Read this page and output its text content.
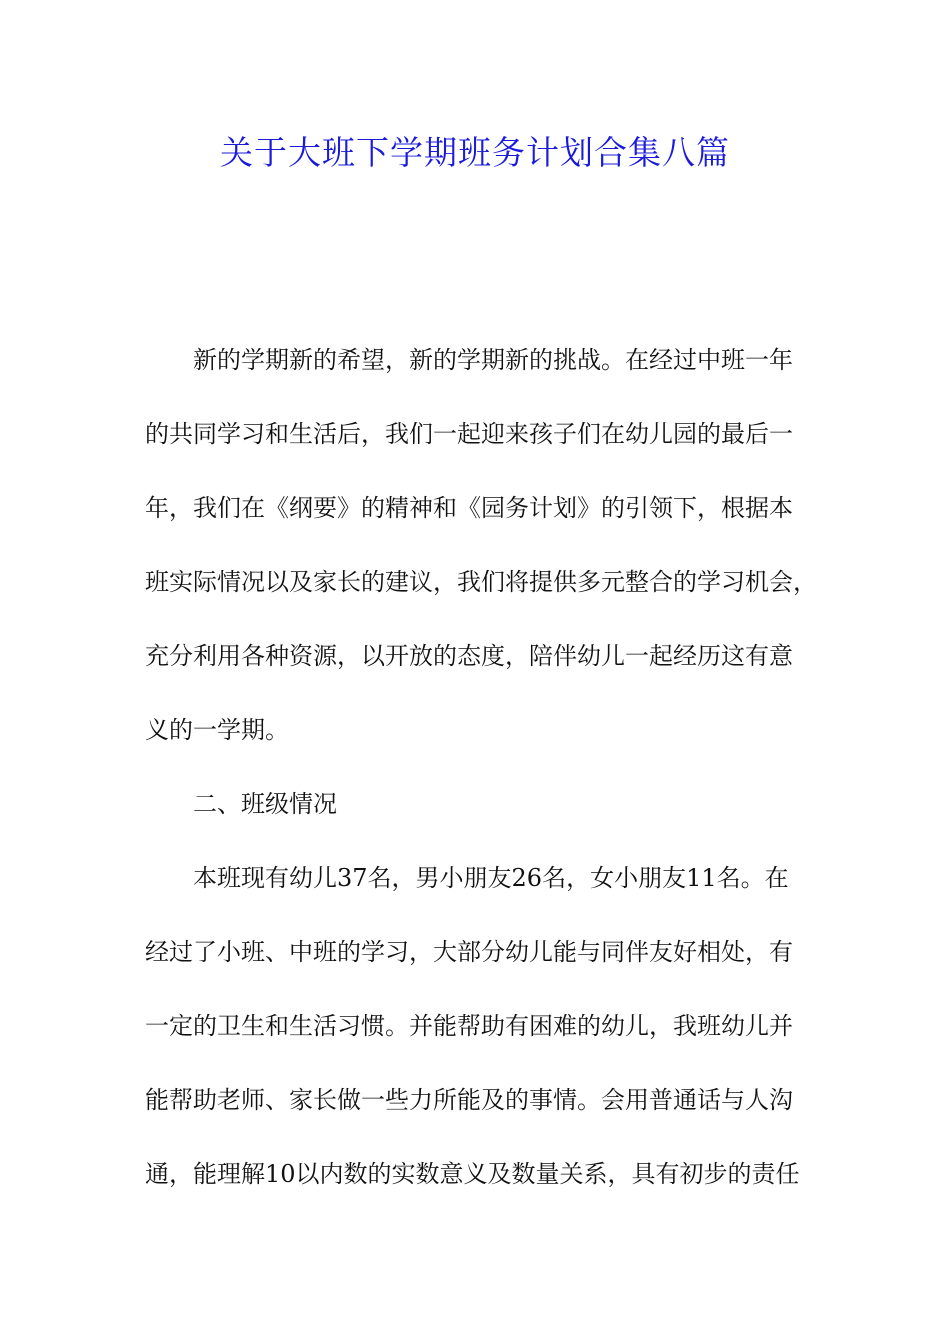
关于大班下学期班务计划合集八篇
新的学期新的希望，新的学期新的挑战。在经过中班一年
的共同学习和生活后，我们一起迎来孩子们在幼儿园的最后一
年，我们在《纲要》的精神和《园务计划》的引领下，根据本
班实际情况以及家长的建议，我们将提供多元整合的学习机会，
充分利用各种资源，以开放的态度，陪伴幼儿一起经历这有意
义的一学期。
二、班级情况
本班现有幼儿37名，男小朋友26名，女小朋友11名。在
经过了小班、中班的学习，大部分幼儿能与同伴友好相处，有
一定的卫生和生活习惯。并能帮助有困难的幼儿，我班幼儿并
能帮助老师、家长做一些力所能及的事情。会用普通话与人沟
通，能理解10以内数的实数意义及数量关系，具有初步的责任
